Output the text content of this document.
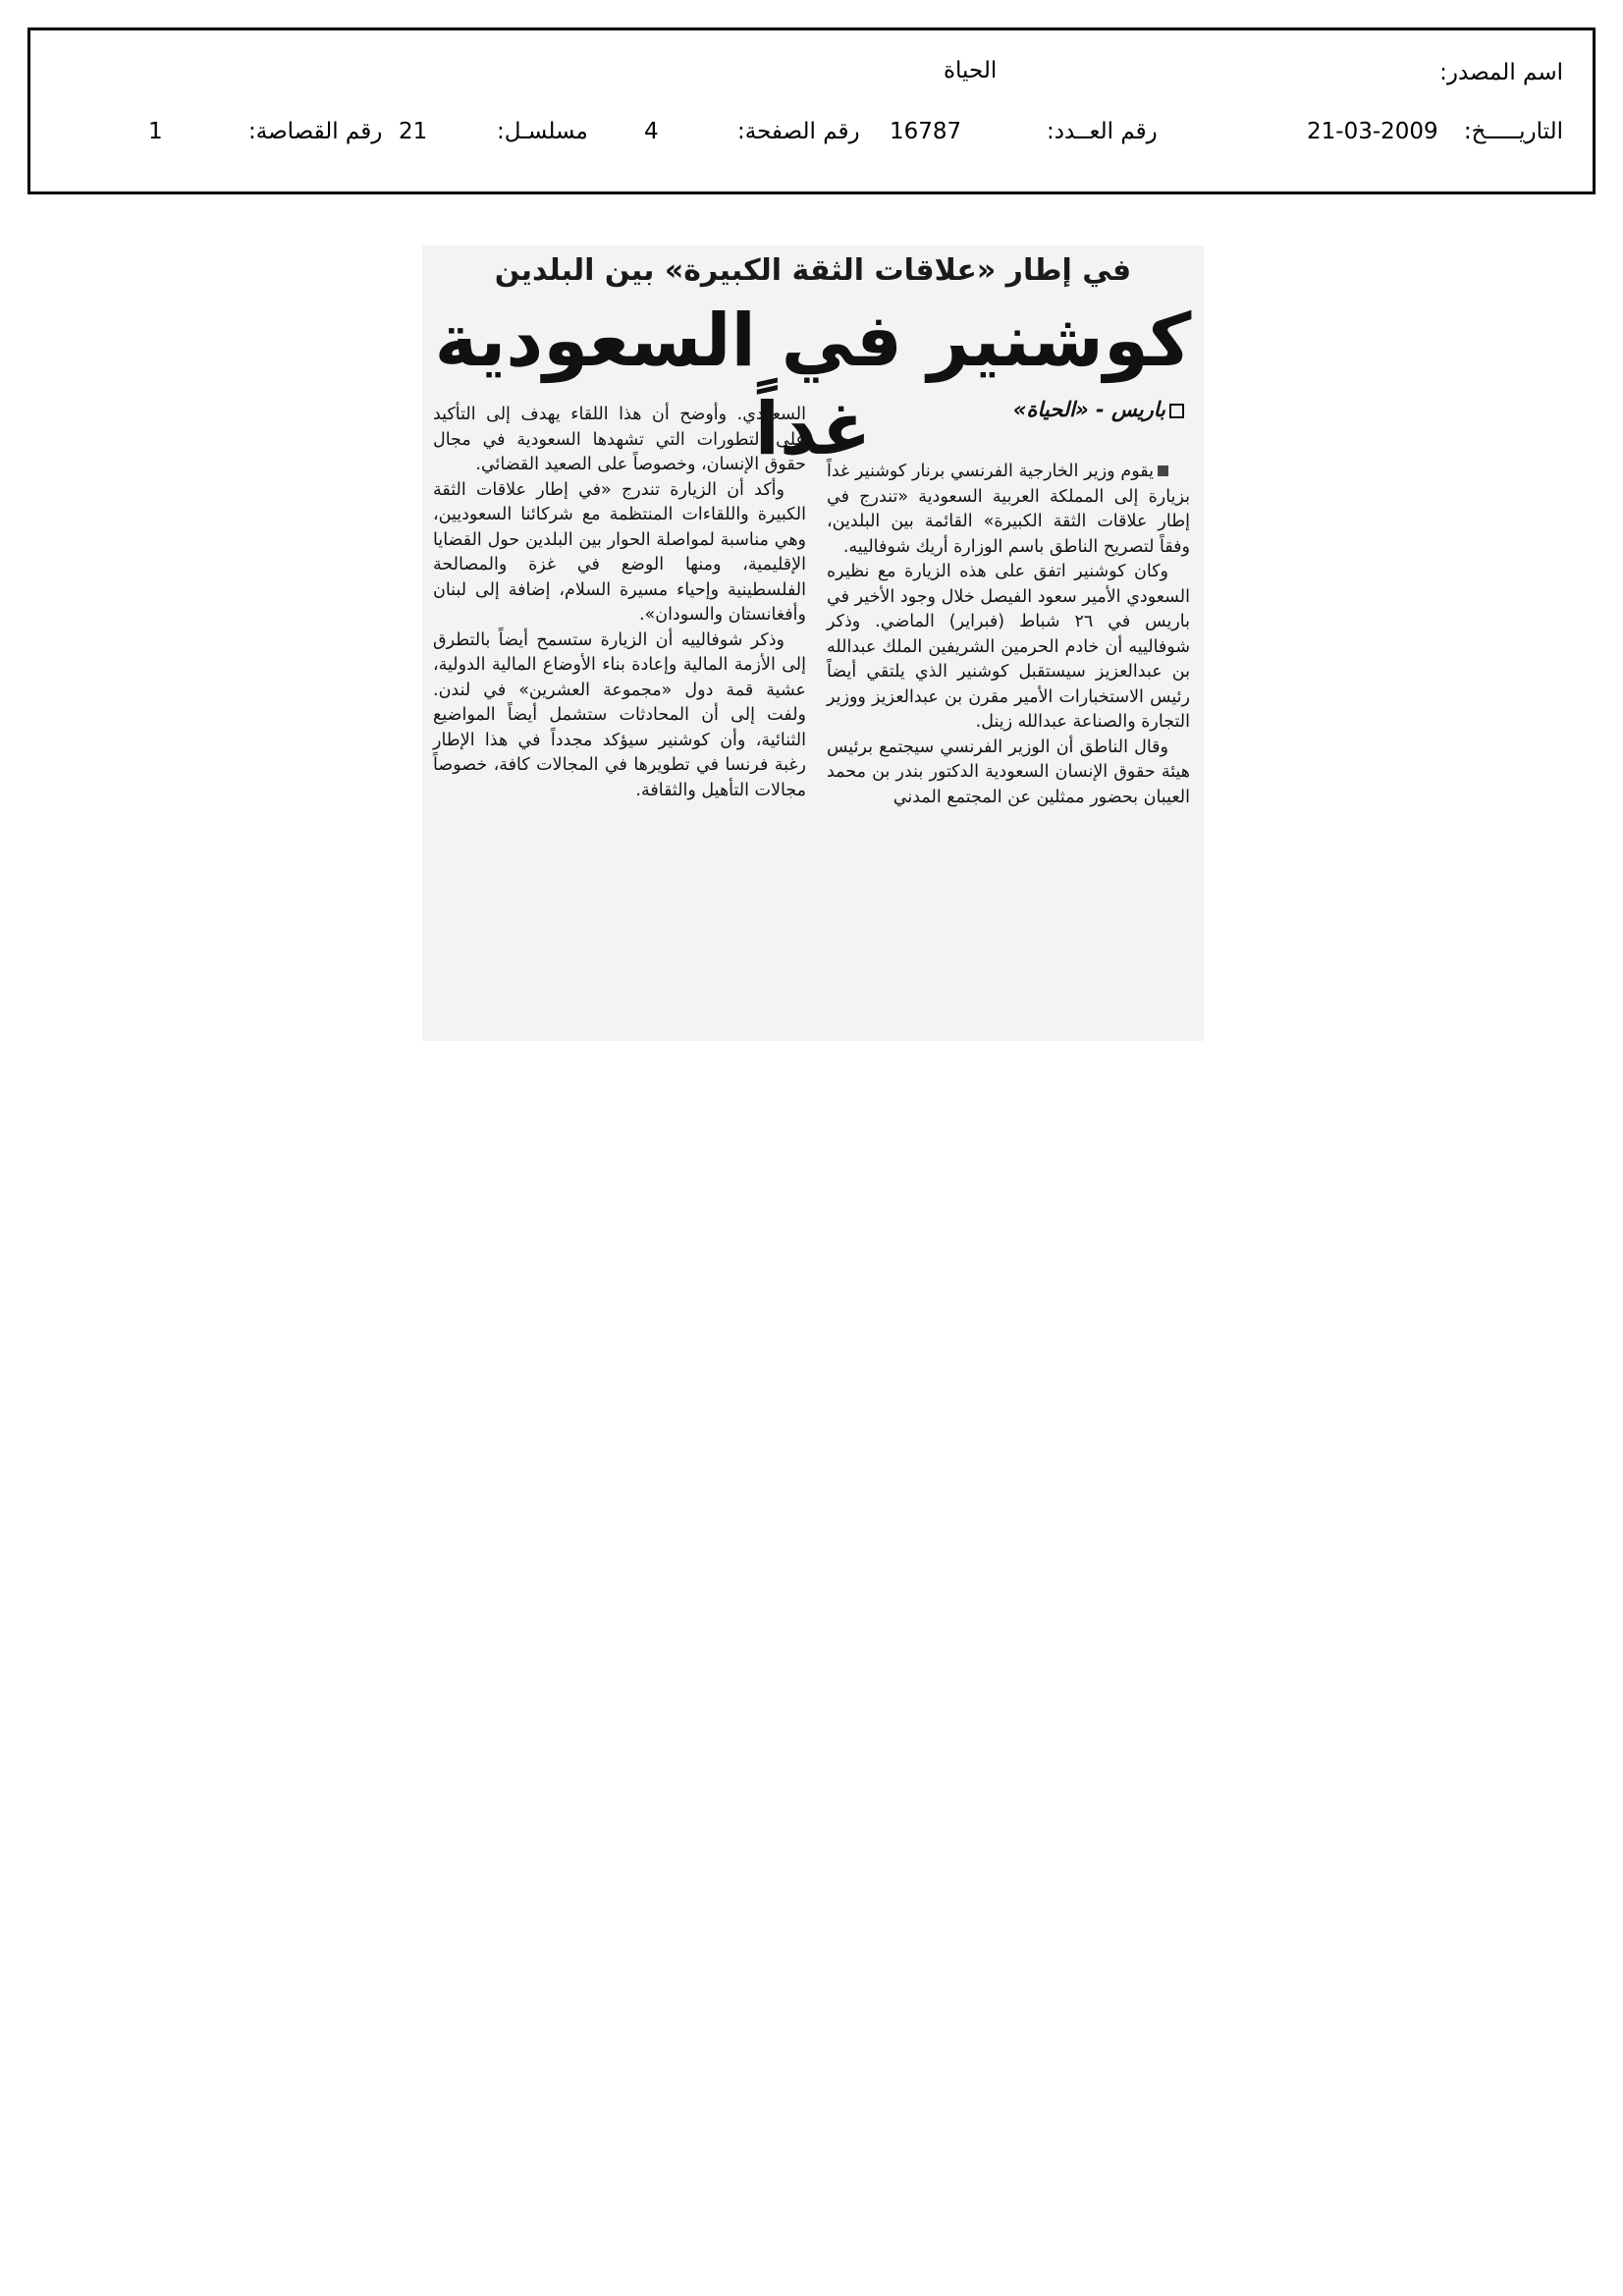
اسم المصدر:
الحياة
التاريـــــخ:
21-03-2009
رقم العــدد:
16787
رقم الصفحة:
4
مسلسـل:
21
رقم القصاصة:
1
في إطار «علاقات الثقة الكبيرة» بين البلدين
كوشنير في السعودية غداً	باريس - «الحياة»

يقوم وزير الخارجية الفرنسي برنار كوشنير غداً بزيارة إلى المملكة العربية السعودية «تندرج في إطار علاقات الثقة الكبيرة» القائمة بين البلدين، وفقاً لتصريح الناطق باسم الوزارة أريك شوفالييه.

وكان كوشنير اتفق على هذه الزيارة مع نظيره السعودي الأمير سعود الفيصل خلال وجود الأخير في باريس في ٢٦ شباط (فبراير) الماضي. وذكر شوفالييه أن خادم الحرمين الشريفين الملك عبدالله بن عبدالعزيز سيستقبل كوشنير الذي يلتقي أيضاً رئيس الاستخبارات الأمير مقرن بن عبدالعزيز ووزير التجارة والصناعة عبدالله زينل.

وقال الناطق أن الوزير الفرنسي سيجتمع برئيس هيئة حقوق الإنسان السعودية الدكتور بندر بن محمد العيبان بحضور ممثلين عن المجتمع المدني

السعودي. وأوضح أن هذا اللقاء يهدف إلى التأكيد على التطورات التي تشهدها السعودية في مجال حقوق الإنسان، وخصوصاً على الصعيد القضائي.

وأكد أن الزيارة تندرج «في إطار علاقات الثقة الكبيرة واللقاءات المنتظمة مع شركائنا السعوديين، وهي مناسبة لمواصلة الحوار بين البلدين حول القضايا الإقليمية، ومنها الوضع في غزة والمصالحة الفلسطينية وإحياء مسيرة السلام، إضافة إلى لبنان وأفغانستان والسودان».

وذكر شوفالييه أن الزيارة ستسمح أيضاً بالتطرق إلى الأزمة المالية وإعادة بناء الأوضاع المالية الدولية، عشية قمة دول «مجموعة العشرين» في لندن. ولفت إلى أن المحادثات ستشمل أيضاً المواضيع الثنائية، وأن كوشنير سيؤكد مجدداً في هذا الإطار رغبة فرنسا في تطويرها في المجالات كافة، خصوصاً مجالات التأهيل والثقافة.
